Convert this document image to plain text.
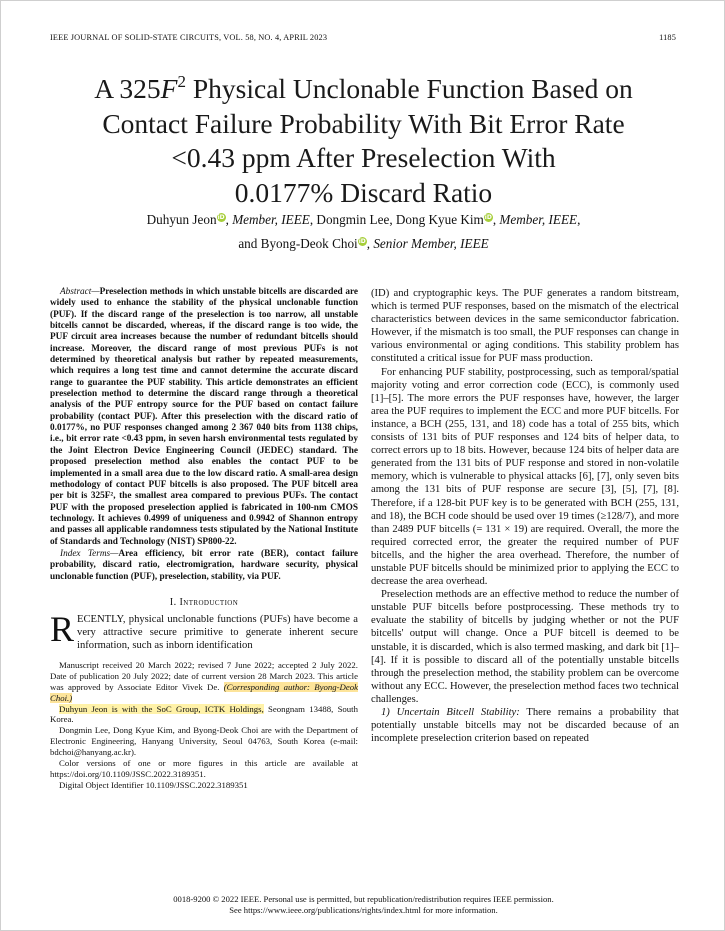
IEEE JOURNAL OF SOLID-STATE CIRCUITS, VOL. 58, NO. 4, APRIL 2023	1185
A $325F^2$ Physical Unclonable Function Based on
Contact Failure Probability With Bit Error Rate
<0.43 ppm After Preselection With
0.0177% Discard Ratio
Duhyun JeoniD, Member, IEEE, Dongmin Lee, Dong Kyue KimiD, Member, IEEE,
and Byong-Deok ChoiiD, Senior Member, IEEE

Abstract—Preselection methods in which unstable bitcells are discarded are widely used to enhance the stability of the physical unclonable function (PUF). If the discard range of the preselection is too narrow, all unstable bitcells cannot be discarded, whereas, if the discard range is too wide, the PUF circuit area increases because the number of redundant bitcells should increase. Moreover, the discard range of most previous PUFs is not determined by theoretical analysis but rather by repeated measurements, which requires a long test time and cannot determine the accurate discard range to guarantee the PUF stability. This article demonstrates an efficient preselection method to determine the discard range through a theoretical analysis of the PUF entropy source for the PUF based on contact failure probability (contact PUF). After this preselection with the discard ratio of 0.0177%, no PUF responses changed among 2 367 040 bits from 1138 chips, i.e., bit error rate <0.43 ppm, in seven harsh environmental tests regulated by the Joint Electron Device Engineering Council (JEDEC) standard. The proposed preselection method also enables the contact PUF to be implemented in a small area due to the low discard ratio. A small-area design methodology of contact PUF bitcells is also proposed. The PUF bitcell area per bit is 325F², the smallest area compared to previous PUFs. The contact PUF with the proposed preselection applied is fabricated in 100-nm CMOS technology. It achieves 0.4999 of uniqueness and 0.9942 of Shannon entropy and passes all applicable randomness tests stipulated by the National Institute of Standards and Technology (NIST) SP800-22.

Index Terms—Area efficiency, bit error rate (BER), contact failure probability, discard ratio, electromigration, hardware security, physical unclonable function (PUF), preselection, stability, via PUF.

I. Introduction

RECENTLY, physical unclonable functions (PUFs) have become a very attractive secure primitive to generate inherent secure information, such as inborn identification

Manuscript received 20 March 2022; revised 7 June 2022; accepted 2 July 2022. Date of publication 20 July 2022; date of current version 28 March 2023. This article was approved by Associate Editor Vivek De. (Corresponding author: Byong-Deok Choi.)

Duhyun Jeon is with the SoC Group, ICTK Holdings, Seongnam 13488, South Korea.

Dongmin Lee, Dong Kyue Kim, and Byong-Deok Choi are with the Department of Electronic Engineering, Hanyang University, Seoul 04763, South Korea (e-mail: bdchoi@hanyang.ac.kr).

Color versions of one or more figures in this article are available at https://doi.org/10.1109/JSSC.2022.3189351.

Digital Object Identifier 10.1109/JSSC.2022.3189351

(ID) and cryptographic keys. The PUF generates a random bitstream, which is termed PUF responses, based on the mismatch of the electrical characteristics between devices in the same semiconductor fabrication. However, if the mismatch is too small, the PUF responses can change in various environmental or aging conditions. This stability problem has constituted a critical issue for PUF mass production.

For enhancing PUF stability, postprocessing, such as temporal/spatial majority voting and error correction code (ECC), is commonly used [1]–[5]. The more errors the PUF responses have, however, the larger area the PUF requires to implement the ECC and more PUF bitcells. For instance, a BCH (255, 131, and 18) code has a total of 255 bits, which consists of 131 bits of PUF responses and 124 bits of helper data, to correct errors up to 18 bits. However, because 124 bits of helper data are generated from the 131 bits of PUF response and stored in non-volatile memory, which is vulnerable to physical attacks [6], [7], only seven bits among the 131 bits of PUF response are secure [3], [5], [7], [8]. Therefore, if a 128-bit PUF key is to be generated with BCH (255, 131, and 18), the BCH code should be used over 19 times (≥128/7), and more than 2489 PUF bitcells (= 131 × 19) are required. Overall, the more the required corrected error, the greater the required number of PUF bitcells, and the higher the area overhead. Therefore, the number of unstable PUF bitcells should be minimized prior to applying the ECC to decrease the area overhead.

Preselection methods are an effective method to reduce the number of unstable PUF bitcells before postprocessing. These methods try to evaluate the stability of bitcells by judging whether or not the PUF bitcells' output will change. Once a PUF bitcell is deemed to be unstable, it is discarded, which is also termed masking, and dark bit [1]–[4]. If it is possible to discard all of the potentially unstable bitcells through the preselection method, the stability problem can be overcome without any ECC. However, the preselection method faces two technical challenges.

1) Uncertain Bitcell Stability: There remains a probability that potentially unstable bitcells may not be discarded because of an incomplete preselection criterion based on repeated

0018-9200 © 2022 IEEE. Personal use is permitted, but republication/redistribution requires IEEE permission.
See https://www.ieee.org/publications/rights/index.html for more information.
